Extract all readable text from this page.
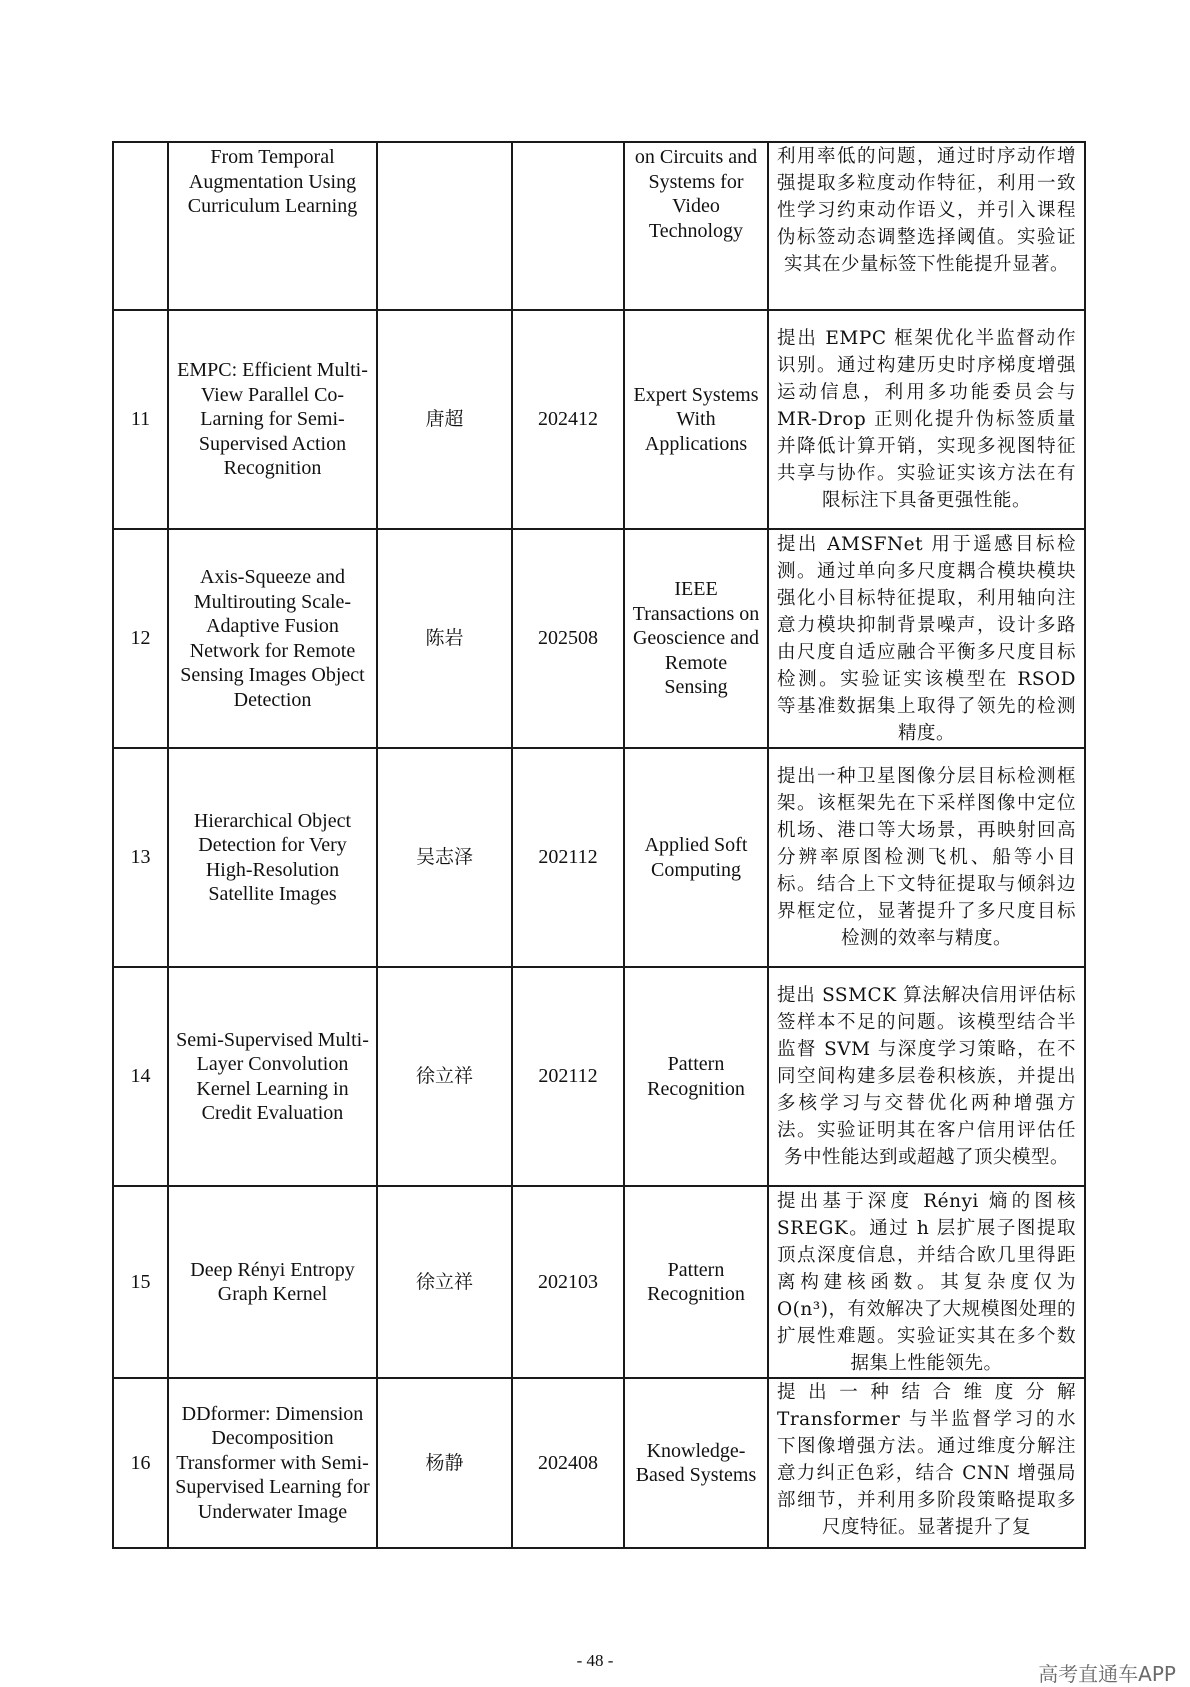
	From Temporal Augmentation Using Curriculum Learning			on Circuits and Systems for Video Technology	利用率低的问题，通过时序动作增强提取多粒度动作特征，利用一致性学习约束动作语义，并引入课程伪标签动态调整选择阈值。实验证实其在少量标签下性能提升显著。
11	EMPC: Efficient Multi-View Parallel Co-Larning for Semi-Supervised Action Recognition	唐超	202412	Expert Systems With Applications	提出 EMPC 框架优化半监督动作识别。通过构建历史时序梯度增强运动信息，利用多功能委员会与 MR-Drop 正则化提升伪标签质量并降低计算开销，实现多视图特征共享与协作。实验证实该方法在有限标注下具备更强性能。
12	Axis-Squeeze and Multirouting Scale-Adaptive Fusion Network for Remote Sensing Images Object Detection	陈岩	202508	IEEE Transactions on Geoscience and Remote Sensing	提出 AMSFNet 用于遥感目标检测。通过单向多尺度耦合模块模块强化小目标特征提取，利用轴向注意力模块抑制背景噪声，设计多路由尺度自适应融合平衡多尺度目标检测。实验证实该模型在 RSOD 等基准数据集上取得了领先的检测精度。
13	Hierarchical Object Detection for Very High-Resolution Satellite Images	吴志泽	202112	Applied Soft Computing	提出一种卫星图像分层目标检测框架。该框架先在下采样图像中定位机场、港口等大场景，再映射回高分辨率原图检测飞机、船等小目标。结合上下文特征提取与倾斜边界框定位，显著提升了多尺度目标检测的效率与精度。
14	Semi-Supervised Multi-Layer Convolution Kernel Learning in Credit Evaluation	徐立祥	202112	Pattern Recognition	提出 SSMCK 算法解决信用评估标签样本不足的问题。该模型结合半监督 SVM 与深度学习策略，在不同空间构建多层卷积核族，并提出多核学习与交替优化两种增强方法。实验证明其在客户信用评估任务中性能达到或超越了顶尖模型。
15	Deep Rényi Entropy Graph Kernel	徐立祥	202103	Pattern Recognition	提出基于深度 Rényi 熵的图核 SREGK。通过 h 层扩展子图提取顶点深度信息，并结合欧几里得距离构建核函数。其复杂度仅为 O(n³)，有效解决了大规模图处理的扩展性难题。实验证实其在多个数据集上性能领先。
16	DDformer: Dimension Decomposition Transformer with Semi-Supervised Learning for Underwater Image	杨静	202408	Knowledge-Based Systems	提出一种结合维度分解 Transformer 与半监督学习的水下图像增强方法。通过维度分解注意力纠正色彩，结合 CNN 增强局部细节，并利用多阶段策略提取多尺度特征。显著提升了复
- 48 -
高考直通车APP
